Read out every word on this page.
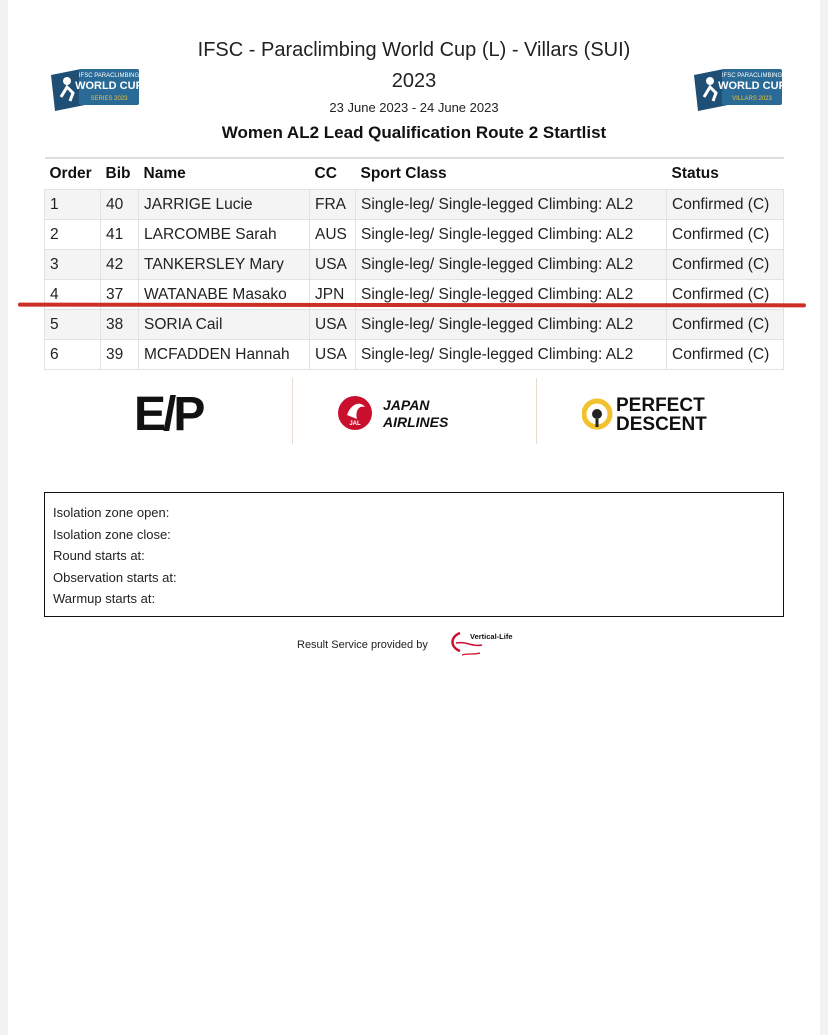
IFSC - Paraclimbing World Cup (L) - Villars (SUI)
2023
23 June 2023 - 24 June 2023
Women AL2 Lead Qualification Route 2 Startlist
IFSC PARACLIMBING
WORLD CUP
SERIES 2023
IFSC PARACLIMBING
WORLD CUP
VILLARS 2023
Order	Bib	Name	CC	Sport Class	Status
1	40	JARRIGE Lucie	FRA	Single-leg/ Single-legged Climbing: AL2	Confirmed (C)
2	41	LARCOMBE Sarah	AUS	Single-leg/ Single-legged Climbing: AL2	Confirmed (C)
3	42	TANKERSLEY Mary	USA	Single-leg/ Single-legged Climbing: AL2	Confirmed (C)
4	37	WATANABE Masako	JPN	Single-leg/ Single-legged Climbing: AL2	Confirmed (C)
5	38	SORIA Cail	USA	Single-leg/ Single-legged Climbing: AL2	Confirmed (C)
6	39	MCFADDEN Hannah	USA	Single-leg/ Single-legged Climbing: AL2	Confirmed (C)
E/P	JAL
JAPAN
AIRLINES
PERFECT
DESCENT
Isolation zone open:
Isolation zone close:
Round starts at:
Observation starts at:
Warmup starts at:
Result Service provided by
Vertical-Life
